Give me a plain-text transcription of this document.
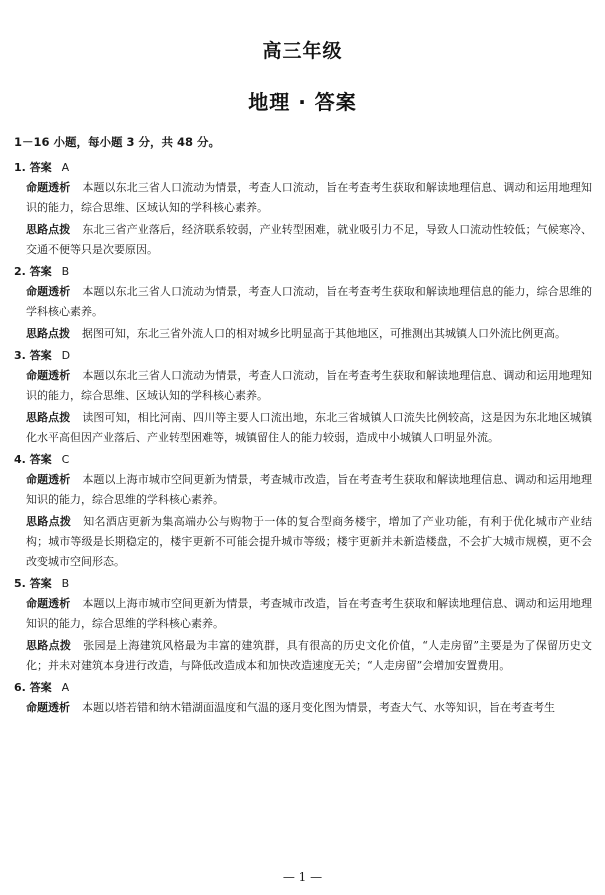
高三年级
地理 · 答案
1－16 小题，每小题 3 分，共 48 分。
1. 答案 A
命题透析 本题以东北三省人口流动为情景，考查人口流动，旨在考查考生获取和解读地理信息、调动和运用地理知识的能力，综合思维、区域认知的学科核心素养。
思路点拨 东北三省产业落后，经济联系较弱，产业转型困难，就业吸引力不足，导致人口流动性较低；气候寒冷、交通不便等只是次要原因。
2. 答案 B
命题透析 本题以东北三省人口流动为情景，考查人口流动，旨在考查考生获取和解读地理信息的能力，综合思维的学科核心素养。
思路点拨 据图可知，东北三省外流人口的相对城乡比明显高于其他地区，可推测出其城镇人口外流比例更高。
3. 答案 D
命题透析 本题以东北三省人口流动为情景，考查人口流动，旨在考查考生获取和解读地理信息、调动和运用地理知识的能力，综合思维、区域认知的学科核心素养。
思路点拨 读图可知，相比河南、四川等主要人口流出地，东北三省城镇人口流失比例较高，这是因为东北地区城镇化水平高但因产业落后、产业转型困难等，城镇留住人的能力较弱，造成中小城镇人口明显外流。
4. 答案 C
命题透析 本题以上海市城市空间更新为情景，考查城市改造，旨在考查考生获取和解读地理信息、调动和运用地理知识的能力，综合思维的学科核心素养。
思路点拨 知名酒店更新为集高端办公与购物于一体的复合型商务楼宇，增加了产业功能，有利于优化城市产业结构；城市等级是长期稳定的，楼宇更新不可能会提升城市等级；楼宇更新并未新造楼盘，不会扩大城市规模，更不会改变城市空间形态。
5. 答案 B
命题透析 本题以上海市城市空间更新为情景，考查城市改造，旨在考查考生获取和解读地理信息、调动和运用地理知识的能力，综合思维的学科核心素养。
思路点拨 张园是上海建筑风格最为丰富的建筑群，具有很高的历史文化价值，“人走房留”主要是为了保留历史文化；并未对建筑本身进行改造，与降低改造成本和加快改造速度无关；“人走房留”会增加安置费用。
6. 答案 A
命题透析 本题以塔若错和纳木错湖面温度和气温的逐月变化图为情景，考查大气、水等知识，旨在考查考生
— 1 —
